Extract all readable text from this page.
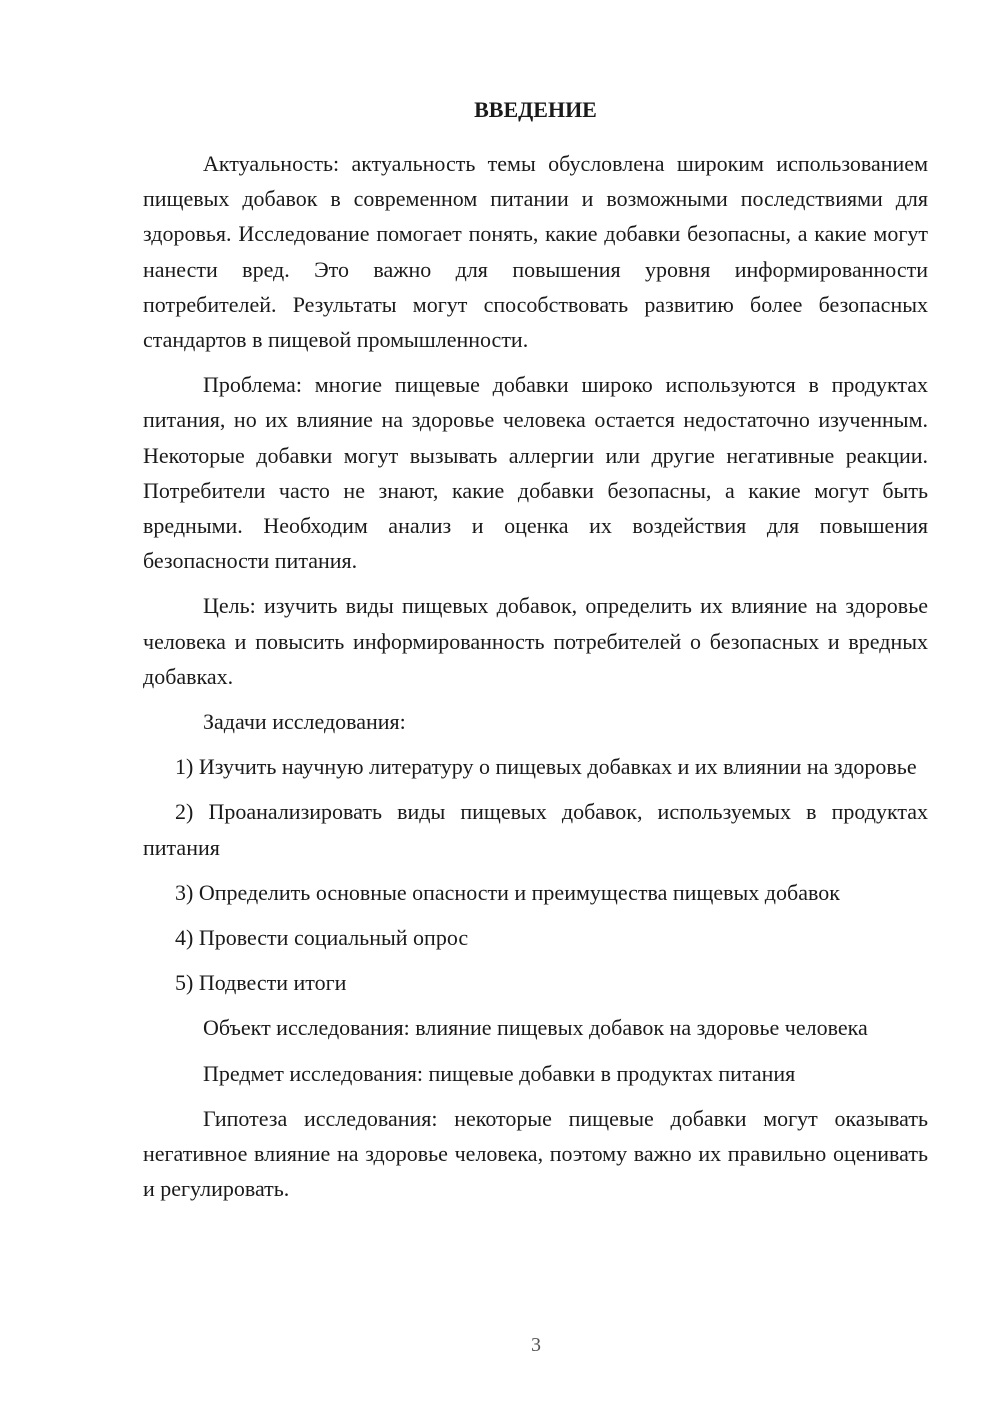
ВВЕДЕНИЕ

Актуальность: актуальность темы обусловлена широким использованием пищевых добавок в современном питании и возможными последствиями для здоровья. Исследование помогает понять, какие добавки безопасны, а какие могут нанести вред. Это важно для повышения уровня информированности потребителей. Результаты могут способствовать развитию более безопасных стандартов в пищевой промышленности.

Проблема: многие пищевые добавки широко используются в продуктах питания, но их влияние на здоровье человека остается недостаточно изученным. Некоторые добавки могут вызывать аллергии или другие негативные реакции. Потребители часто не знают, какие добавки безопасны, а какие могут быть вредными. Необходим анализ и оценка их воздействия для повышения безопасности питания.

Цель: изучить виды пищевых добавок, определить их влияние на здоровье человека и повысить информированность потребителей о безопасных и вредных добавках.

Задачи исследования:

1) Изучить научную литературу о пищевых добавках и их влиянии на здоровье

2) Проанализировать виды пищевых добавок, используемых в продуктах питания

3) Определить основные опасности и преимущества пищевых добавок

4) Провести социальный опрос

5) Подвести итоги

Объект исследования: влияние пищевых добавок на здоровье человека

Предмет исследования: пищевые добавки в продуктах питания

Гипотеза исследования: некоторые пищевые добавки могут оказывать негативное влияние на здоровье человека, поэтому важно их правильно оценивать и регулировать.

3
